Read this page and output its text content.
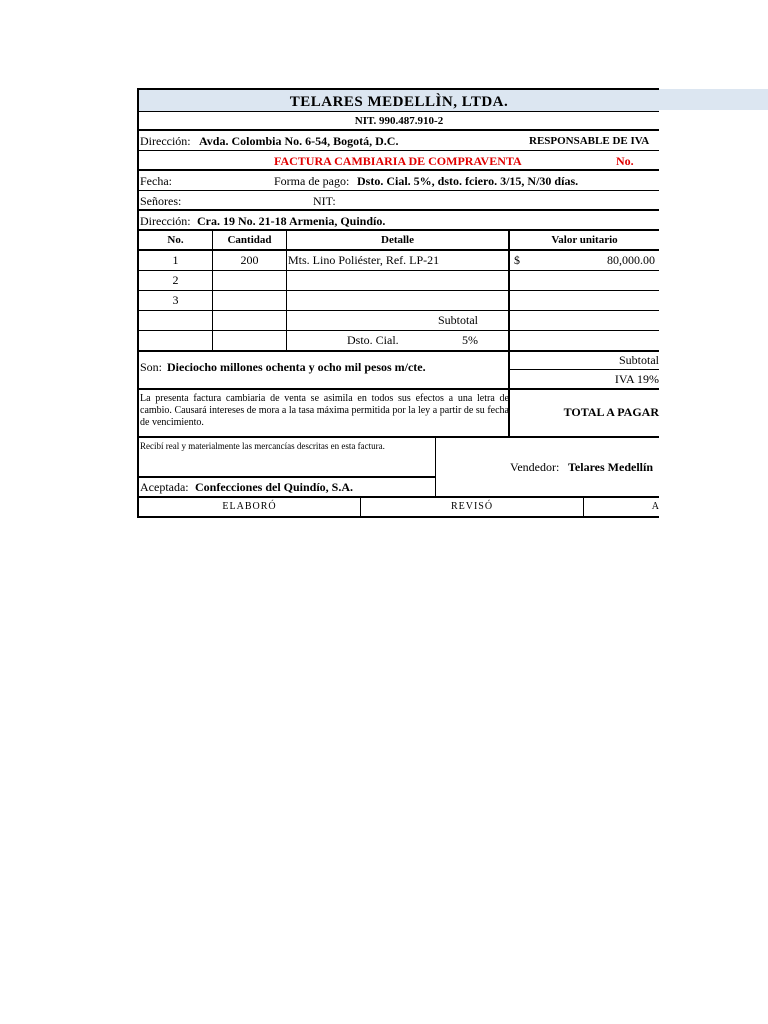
TELARES MEDELLÌN, LTDA.
NIT. 990.487.910-2
Dirección: Avda. Colombia No. 6-54, Bogotá, D.C.	RESPONSABLE DE IVA
FACTURA CAMBIARIA DE COMPRAVENTA	No.
Fecha:	Forma de pago: Dsto. Cial. 5%, dsto. fciero. 3/15, N/30 días.
Señores:	NIT:
Dirección: Cra. 19 No. 21-18 Armenia, Quindío.
No.	Cantidad	Detalle	Valor unitario
1	200	Mts. Lino Poliéster, Ref. LP-21	$	80,000.00
2
3
Subtotal
Dsto. Cial.	5%
Son: Dieciocho millones ochenta y ocho mil pesos m/cte.	Subtotal
IVA 19%
La presenta factura cambiaria de venta se asimila en todos sus efectos a una letra de cambio. Causará intereses de mora a la tasa máxima permitida por la ley a partir de su fecha de vencimiento.
TOTAL A PAGAR
Recibí real y materialmente las mercancías descritas en esta factura.
Aceptada: Confecciones del Quindío, S.A.
Vendedor: Telares Medellín
ELABORÓ	REVISÓ	A
